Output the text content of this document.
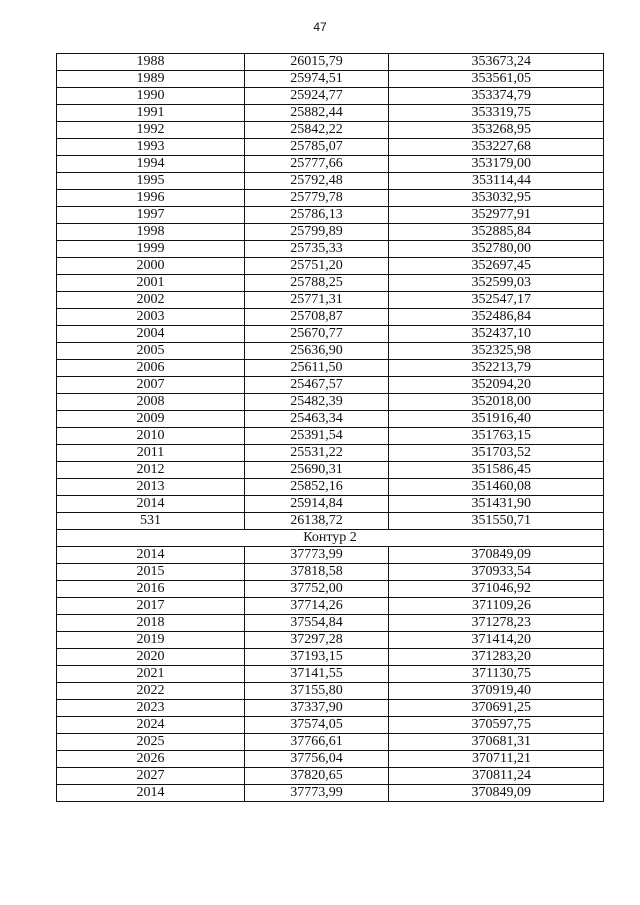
47
1988	26015,79	353673,24
1989	25974,51	353561,05
1990	25924,77	353374,79
1991	25882,44	353319,75
1992	25842,22	353268,95
1993	25785,07	353227,68
1994	25777,66	353179,00
1995	25792,48	353114,44
1996	25779,78	353032,95
1997	25786,13	352977,91
1998	25799,89	352885,84
1999	25735,33	352780,00
2000	25751,20	352697,45
2001	25788,25	352599,03
2002	25771,31	352547,17
2003	25708,87	352486,84
2004	25670,77	352437,10
2005	25636,90	352325,98
2006	25611,50	352213,79
2007	25467,57	352094,20
2008	25482,39	352018,00
2009	25463,34	351916,40
2010	25391,54	351763,15
2011	25531,22	351703,52
2012	25690,31	351586,45
2013	25852,16	351460,08
2014	25914,84	351431,90
531	26138,72	351550,71
Контур 2		
2014	37773,99	370849,09
2015	37818,58	370933,54
2016	37752,00	371046,92
2017	37714,26	371109,26
2018	37554,84	371278,23
2019	37297,28	371414,20
2020	37193,15	371283,20
2021	37141,55	371130,75
2022	37155,80	370919,40
2023	37337,90	370691,25
2024	37574,05	370597,75
2025	37766,61	370681,31
2026	37756,04	370711,21
2027	37820,65	370811,24
2014	37773,99	370849,09
